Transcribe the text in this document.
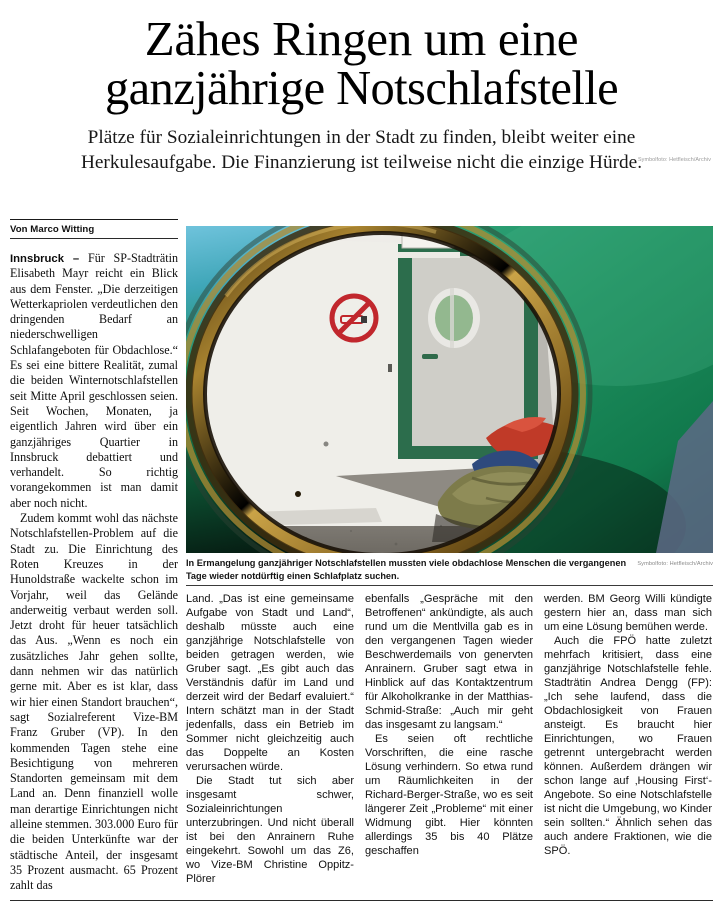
Zähes Ringen um eine
ganzjährige Notschlafstelle
Plätze für Sozialeinrichtungen in der Stadt zu finden, bleibt weiter eine
Herkulesaufgabe. Die Finanzierung ist teilweise nicht die einzige Hürde.
Symbolfoto: Hetfleisch/Archiv
Von Marco Witting

Innsbruck – Für SP-Stadträtin Elisabeth Mayr reicht ein Blick aus dem Fenster. „Die derzeitigen Wetterkapriolen verdeutlichen den dringenden Bedarf an niederschwelligen Schlafangeboten für Obdachlose.“ Es sei eine bittere Realität, zumal die beiden Winternotschlafstellen seit Mitte April geschlossen seien. Seit Wochen, Monaten, ja eigentlich Jahren wird über ein ganzjähriges Quartier in Innsbruck debattiert und verhandelt. So richtig vorangekommen ist man damit aber noch nicht.

Zudem kommt wohl das nächste Notschlafstellen-Problem auf die Stadt zu. Die Einrichtung des Roten Kreuzes in der Hunoldstraße wackelte schon im Vorjahr, weil das Gelände anderweitig verbaut werden soll. Jetzt droht für heuer tatsächlich das Aus. „Wenn es noch ein zusätzliches Jahr gehen sollte, dann nehmen wir das natürlich gerne mit. Aber es ist klar, dass wir hier einen Standort brauchen“, sagt Sozialreferent Vize-BM Franz Gruber (VP). In den kommenden Tagen stehe eine Besichtigung von mehreren Standorten gemeinsam mit dem Land an. Denn finanziell wolle man derartige Einrichtungen nicht alleine stemmen. 303.000 Euro für die beiden Unterkünfte war der städtische Anteil, der insgesamt 35 Prozent ausmacht. 65 Prozent zahlt das

Symbolfoto: Hetfleisch/Archiv
In Ermangelung ganzjähriger Notschlafstellen mussten viele obdachlose Menschen die vergangenen Tage wieder notdürftig einen Schlafplatz suchen.

Land. „Das ist eine gemeinsame Aufgabe von Stadt und Land“, deshalb müsste auch eine ganzjährige Notschlafstelle von beiden getragen werden, wie Gruber sagt. „Es gibt auch das Verständnis dafür im Land und derzeit wird der Bedarf evaluiert.“ Intern schätzt man in der Stadt jedenfalls, dass ein Betrieb im Sommer nicht gleichzeitig auch das Doppelte an Kosten verursachen würde.

Die Stadt tut sich aber insgesamt schwer, Sozialeinrichtungen unterzubringen. Und nicht überall ist bei den Anrainern Ruhe eingekehrt. Sowohl um das Z6, wo Vize-BM Christine Oppitz-Plörer

ebenfalls „Gespräche mit den Betroffenen“ ankündigte, als auch rund um die Mentlvilla gab es in den vergangenen Tagen wieder Beschwerdemails von genervten Anrainern. Gruber sagt etwa in Hinblick auf das Kontaktzentrum für Alkoholkranke in der Matthias-Schmid-Straße: „Auch mir geht das insgesamt zu langsam.“

Es seien oft rechtliche Vorschriften, die eine rasche Lösung verhindern. So etwa rund um Räumlichkeiten in der Richard-Berger-Straße, wo es seit längerer Zeit „Probleme“ mit einer Widmung gibt. Hier könnten allerdings 35 bis 40 Plätze geschaffen

werden. BM Georg Willi kündigte gestern hier an, dass man sich um eine Lösung bemühen werde.

Auch die FPÖ hatte zuletzt mehrfach kritisiert, dass eine ganzjährige Notschlafstelle fehle. Stadträtin Andrea Dengg (FP): „Ich sehe laufend, dass die Obdachlosigkeit von Frauen ansteigt. Es braucht hier Einrichtungen, wo Frauen getrennt untergebracht werden können. Außerdem drängen wir schon lange auf ‚Housing First‘-Angebote. So eine Notschlafstelle ist nicht die Umgebung, wo Kinder sein sollten.“ Ähnlich sehen das auch andere Fraktionen, wie die SPÖ.
